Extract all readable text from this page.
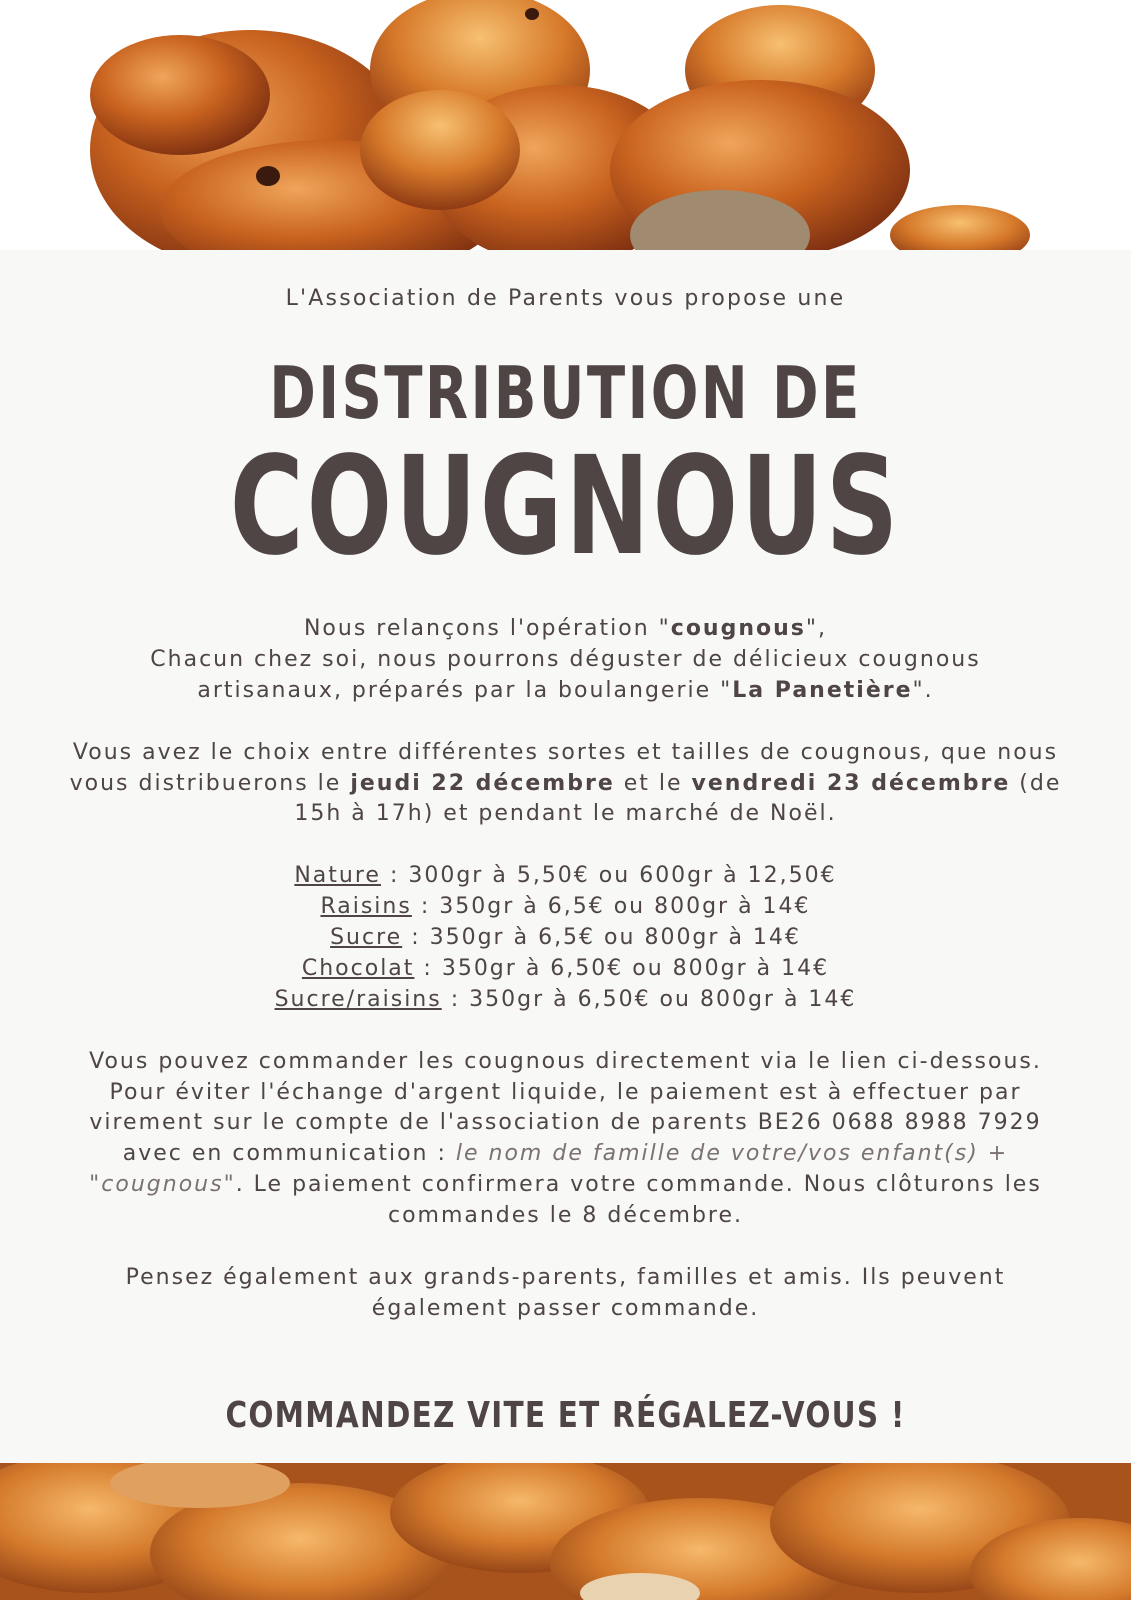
L'Association de Parents vous propose une
DISTRIBUTION DE
COUGNOUS

Nous relançons l'opération "cougnous",
Chacun chez soi, nous pourrons déguster de délicieux cougnous
artisanaux, préparés par la boulangerie "La Panetière".

Vous avez le choix entre différentes sortes et tailles de cougnous, que nous vous distribuerons le jeudi 22 décembre et le vendredi 23 décembre (de 15h à 17h) et pendant le marché de Noël.

Nature : 300gr à 5,50€ ou 600gr à 12,50€
Raisins : 350gr à 6,5€ ou 800gr à 14€
Sucre : 350gr à 6,5€ ou 800gr à 14€
Chocolat : 350gr à 6,50€ ou 800gr à 14€
Sucre/raisins : 350gr à 6,50€ ou 800gr à 14€

Vous pouvez commander les cougnous directement via le lien ci-dessous. Pour éviter l'échange d'argent liquide, le paiement est à effectuer par virement sur le compte de l'association de parents BE26 0688 8988 7929 avec en communication : le nom de famille de votre/vos enfant(s) + "cougnous". Le paiement confirmera votre commande. Nous clôturons les commandes le 8 décembre.

Pensez également aux grands-parents, familles et amis. Ils peuvent également passer commande.

COMMANDEZ VITE ET RÉGALEZ-VOUS !
